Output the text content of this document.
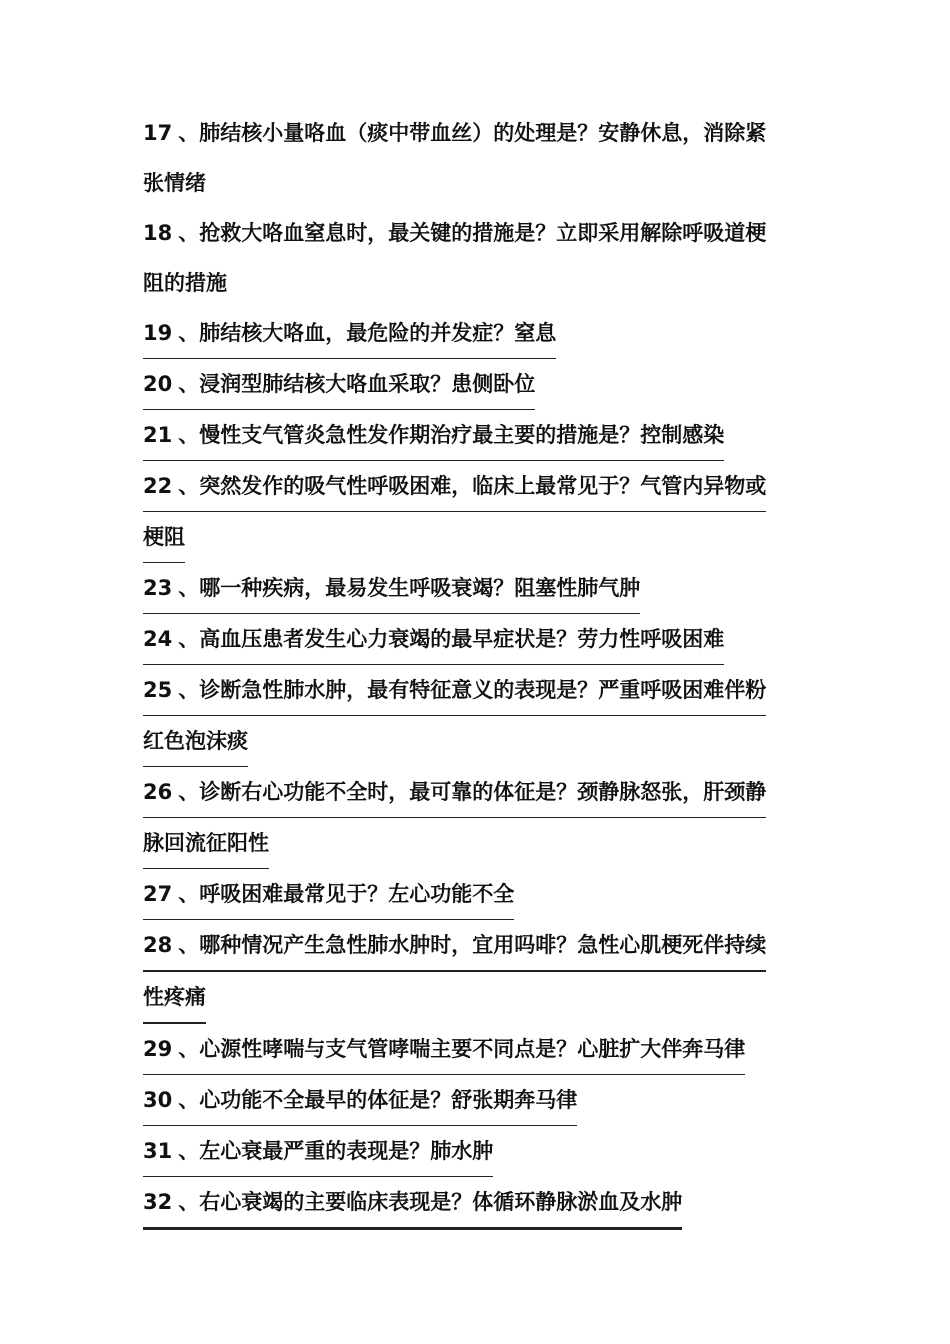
17 、肺结核小量咯血（痰中带血丝）的处理是？安静休息，消除紧
张情绪
18 、抢救大咯血窒息时，最关键的措施是？立即采用解除呼吸道梗
阻的措施
19 、肺结核大咯血，最危险的并发症？窒息
20 、浸润型肺结核大咯血采取？患侧卧位
21 、慢性支气管炎急性发作期治疗最主要的措施是？控制感染
22 、突然发作的吸气性呼吸困难，临床上最常见于？气管内异物或
梗阻
23 、哪一种疾病，最易发生呼吸衰竭？阻塞性肺气肿
24 、高血压患者发生心力衰竭的最早症状是？劳力性呼吸困难
25 、诊断急性肺水肿，最有特征意义的表现是？严重呼吸困难伴粉
红色泡沫痰
26 、诊断右心功能不全时，最可靠的体征是？颈静脉怒张，肝颈静
脉回流征阳性
27 、呼吸困难最常见于？左心功能不全
28 、哪种情况产生急性肺水肿时，宜用吗啡？急性心肌梗死伴持续
性疼痛
29 、心源性哮喘与支气管哮喘主要不同点是？心脏扩大伴奔马律
30 、心功能不全最早的体征是？舒张期奔马律
31 、左心衰最严重的表现是？肺水肿
32 、右心衰竭的主要临床表现是？体循环静脉淤血及水肿
